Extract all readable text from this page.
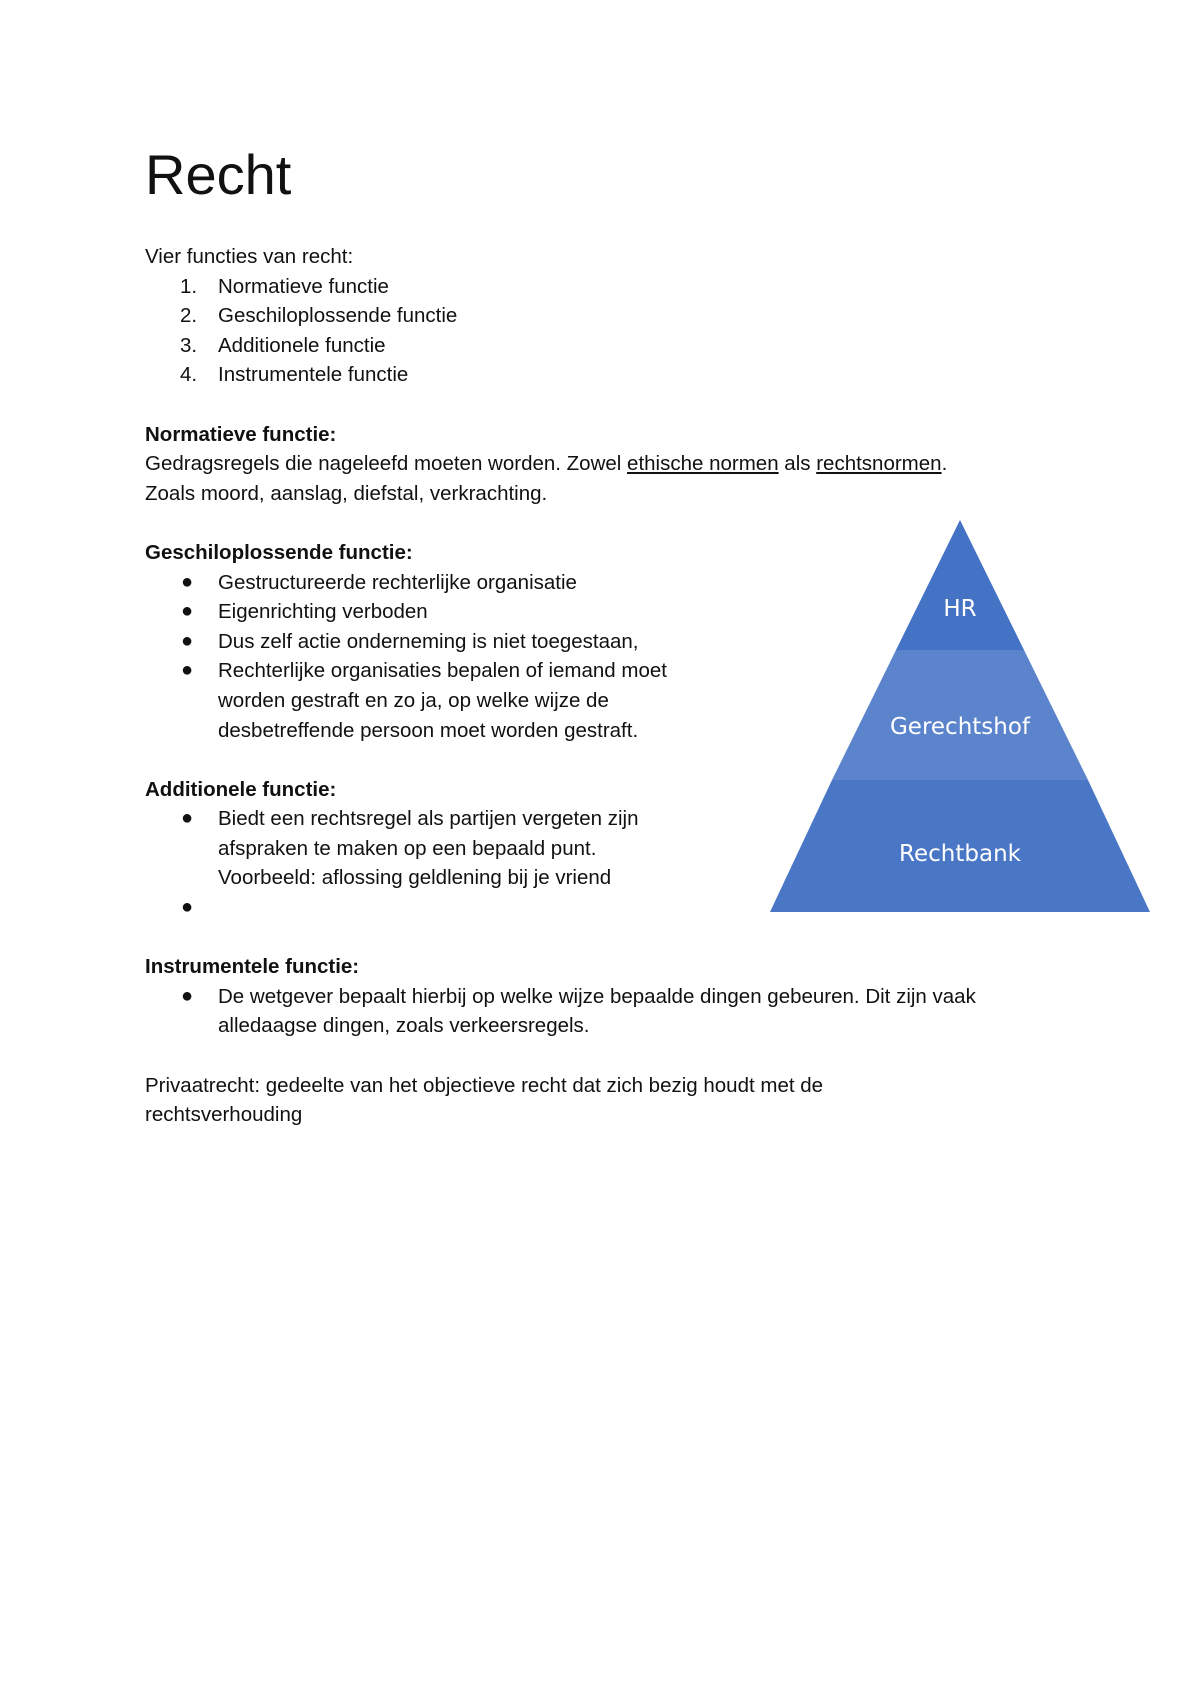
Recht

Vier functies van recht:

1. Normatieve functie
2. Geschiloplossende functie
3. Additionele functie
4. Instrumentele functie

Normatieve functie:

Gedragsregels die nageleefd moeten worden. Zowel ethische normen als rechtsnormen.

Zoals moord, aanslag, diefstal, verkrachting.

Geschiloplossende functie:

● Gestructureerde rechterlijke organisatie
● Eigenrichting verboden
● Dus zelf actie onderneming is niet toegestaan,
● Rechterlijke organisaties bepalen of iemand moet worden gestraft en zo ja, op welke wijze de desbetreffende persoon moet worden gestraft.

Additionele functie:

● Biedt een rechtsregel als partijen vergeten zijn afspraken te maken op een bepaald punt.
Voorbeeld: aflossing geldlening bij je vriend
●

Instrumentele functie:

● De wetgever bepaalt hierbij op welke wijze bepaalde dingen gebeuren. Dit zijn vaak alledaagse dingen, zoals verkeersregels.

Privaatrecht: gedeelte van het objectieve recht dat zich bezig houdt met de rechtsverhouding

HR
Gerechtshof
Rechtbank
